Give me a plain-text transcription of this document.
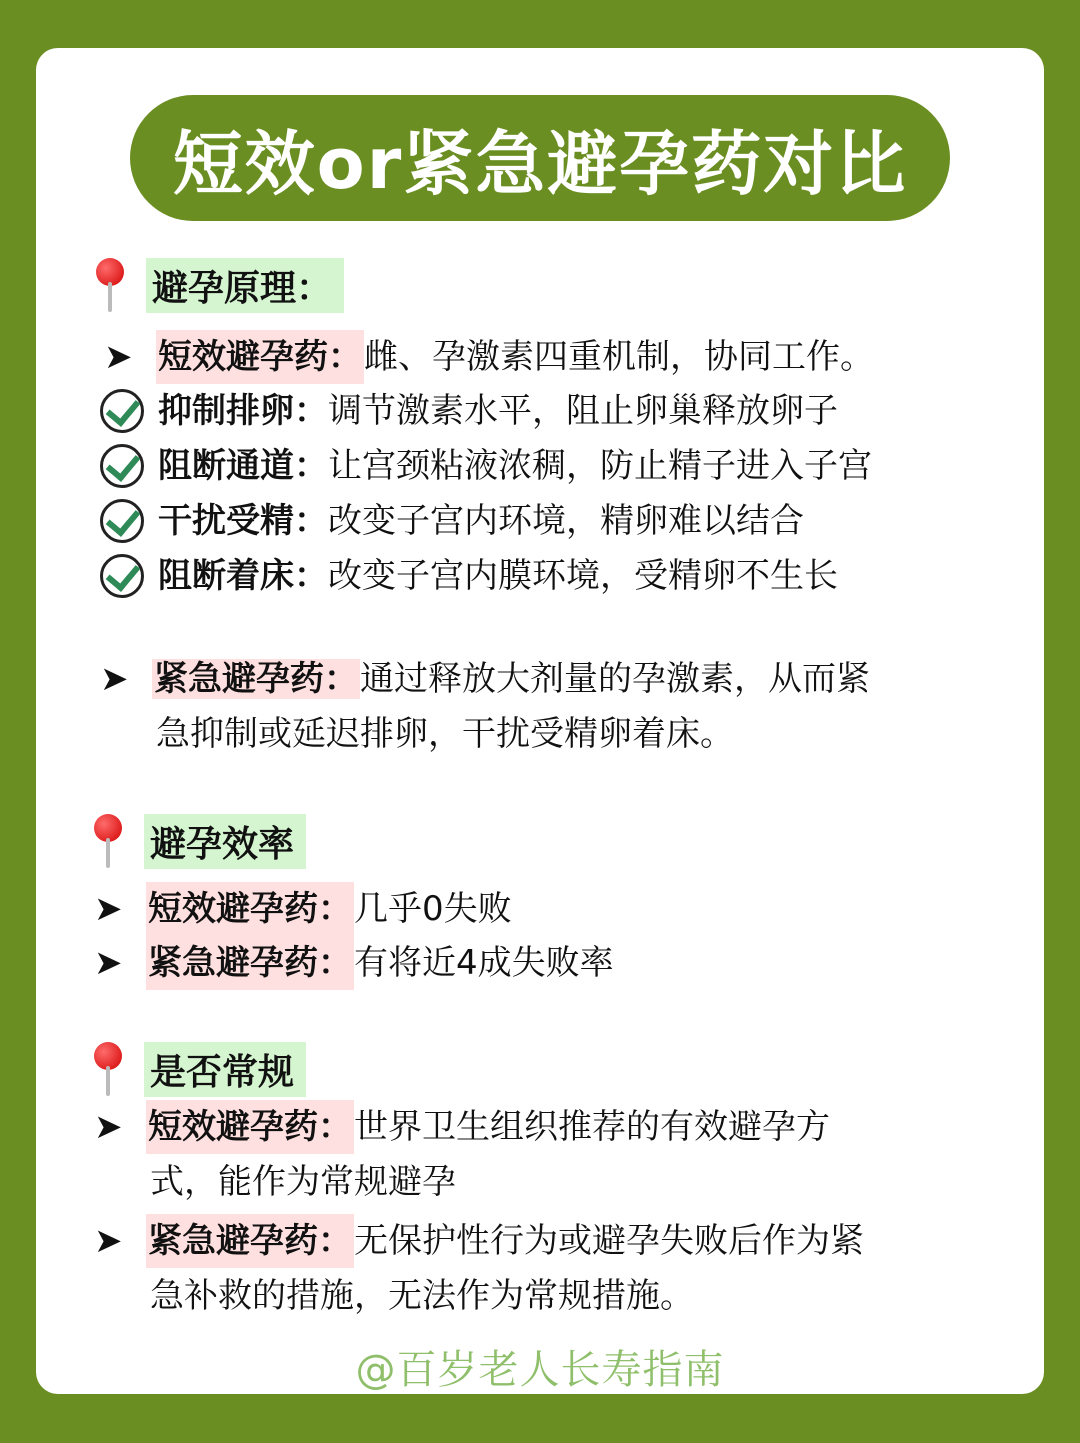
短效or紧急避孕药对比
避孕原理：
➤ 短效避孕药： 雌、孕激素四重机制，协同工作。
抑制排卵： 调节激素水平，阻止卵巢释放卵子
阻断通道： 让宫颈粘液浓稠，防止精子进入子宫
干扰受精： 改变子宫内环境，精卵难以结合
阻断着床： 改变子宫内膜环境，受精卵不生长
➤ 紧急避孕药：通过释放大剂量的孕激素，从而紧
急抑制或延迟排卵，干扰受精卵着床。
避孕效率
➤ 短效避孕药： 几乎0失败
➤ 紧急避孕药： 有将近4成失败率
是否常规
➤ 短效避孕药： 世界卫生组织推荐的有效避孕方
式，能作为常规避孕
➤ 紧急避孕药： 无保护性行为或避孕失败后作为紧
急补救的措施，无法作为常规措施。
@百岁老人长寿指南
